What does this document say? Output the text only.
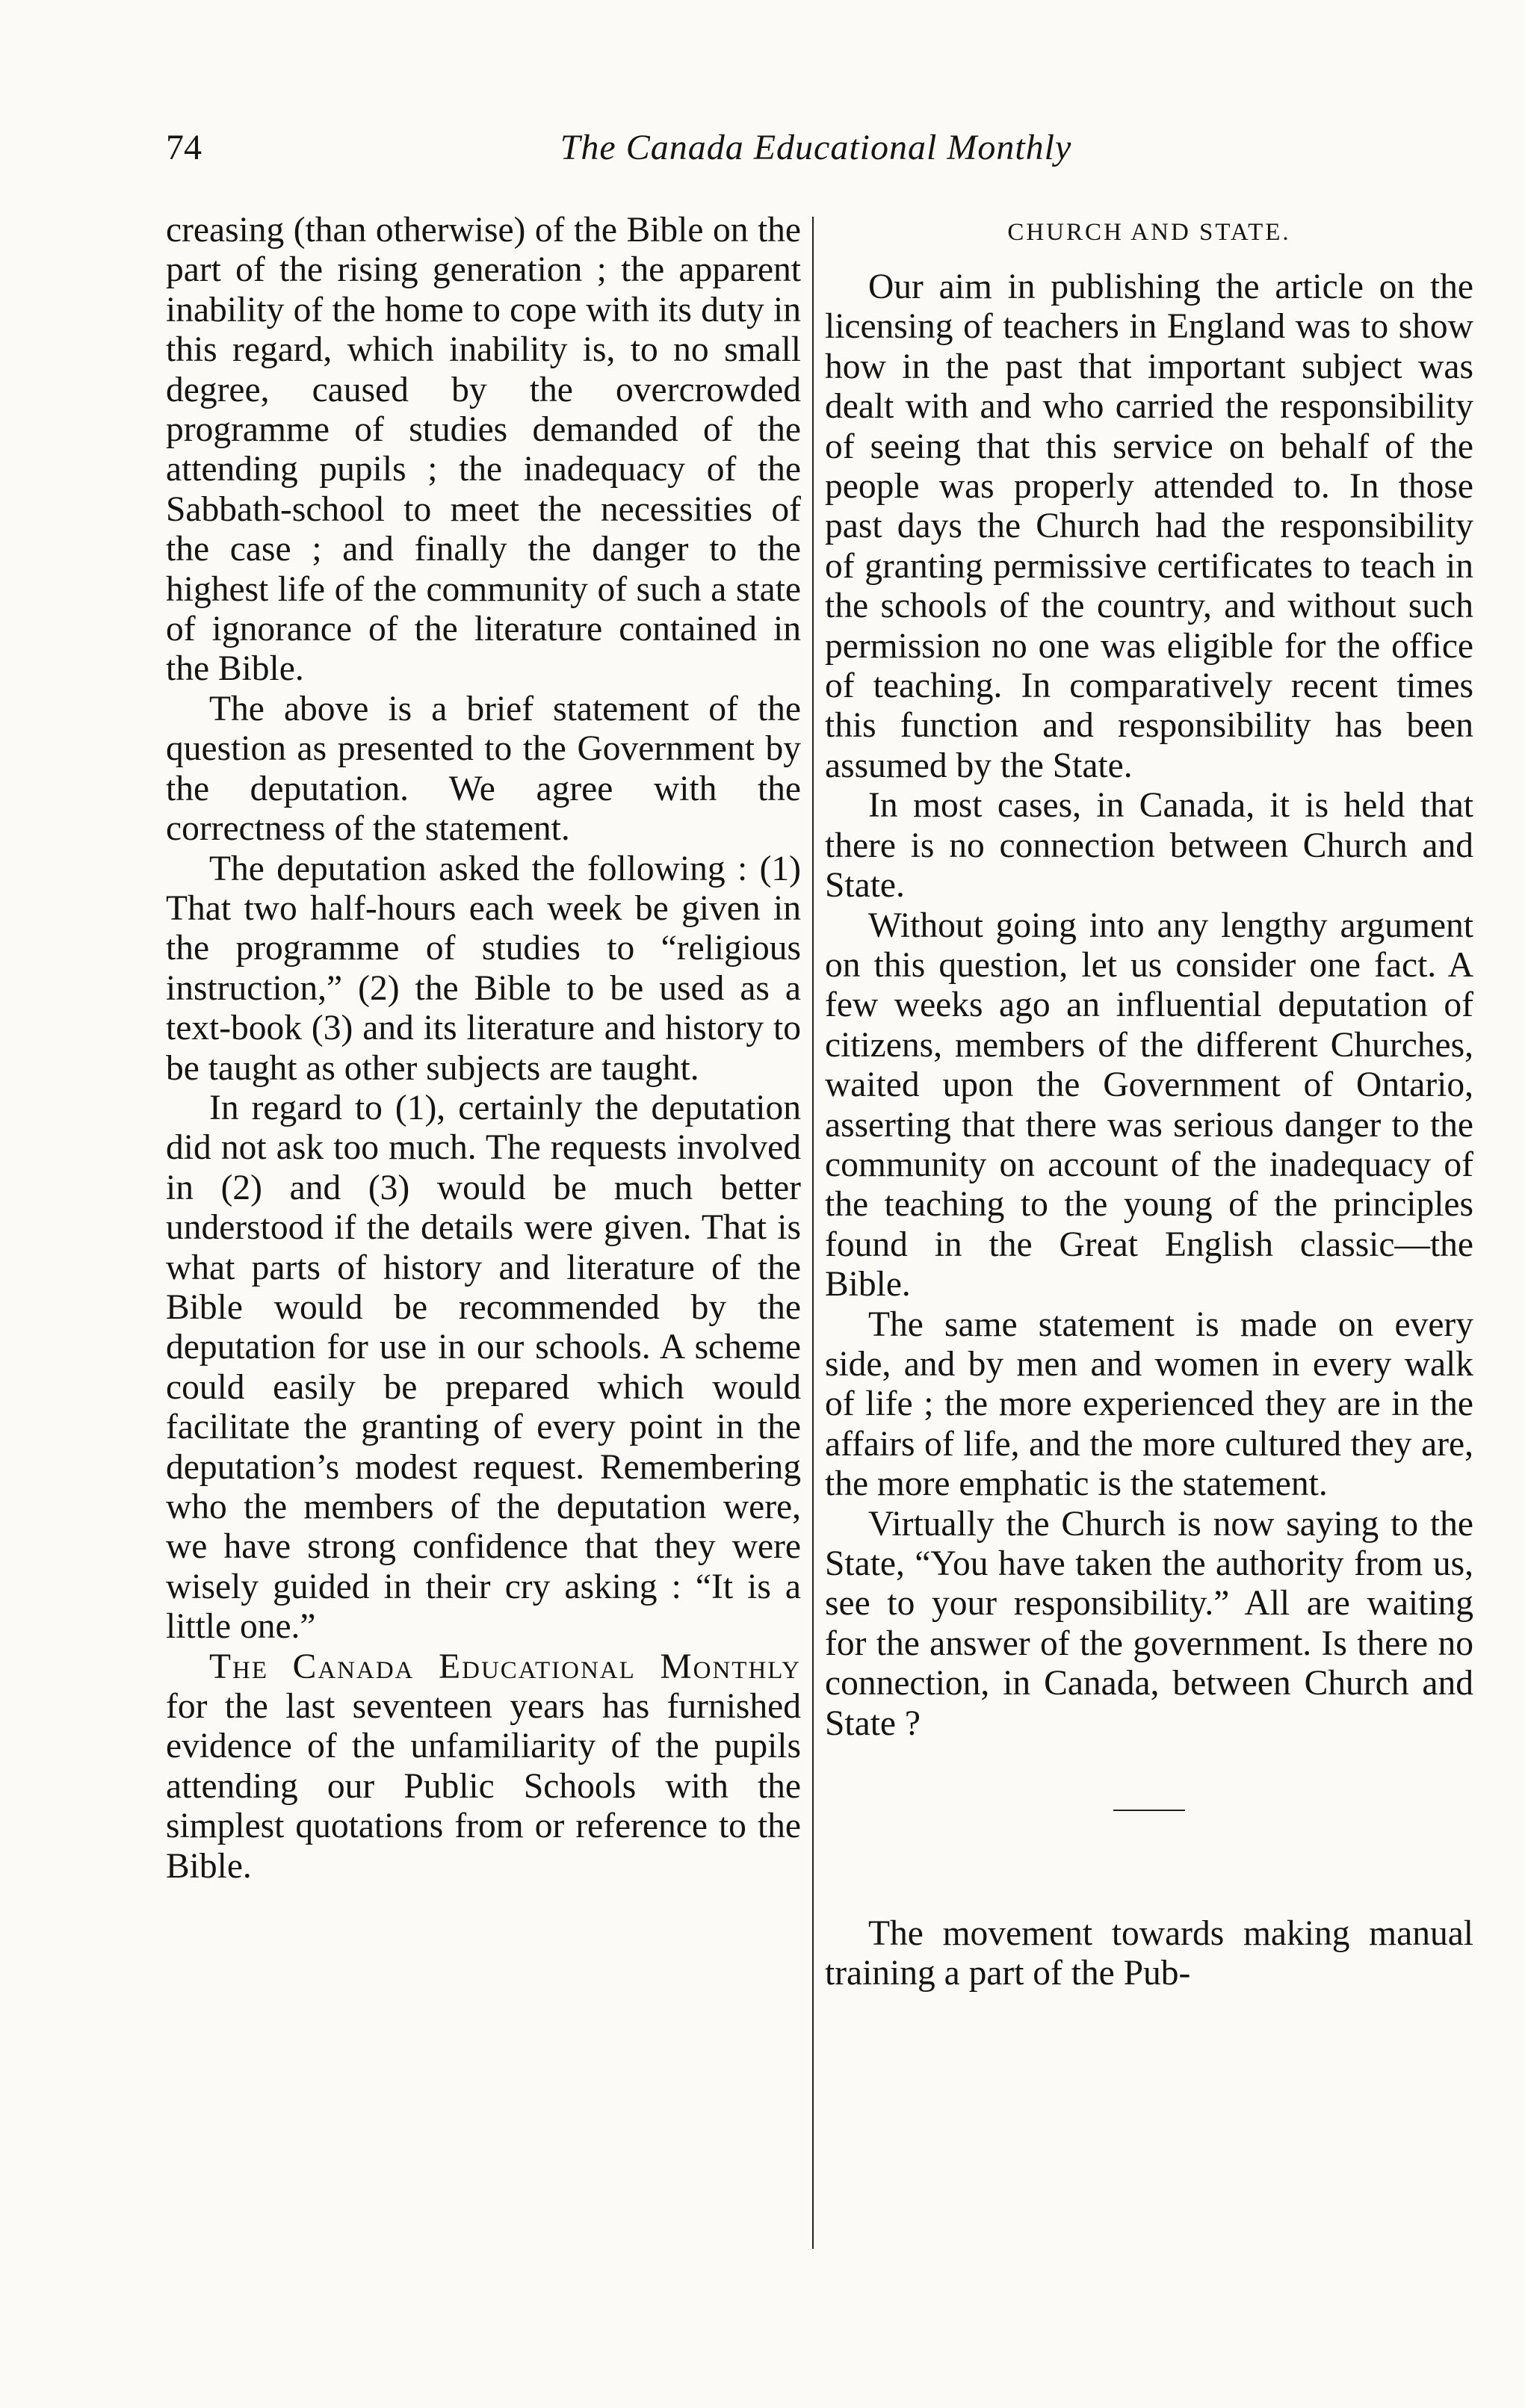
74	The Canada Educational Monthly

creasing (than otherwise) of the Bible on the part of the rising generation ; the apparent inability of the home to cope with its duty in this regard, which inability is, to no small degree, caused by the overcrowded programme of studies demanded of the attending pupils ; the inadequacy of the Sabbath-school to meet the necessities of the case ; and finally the danger to the highest life of the community of such a state of ignorance of the literature contained in the Bible.

The above is a brief statement of the question as presented to the Government by the deputation. We agree with the correctness of the statement.

The deputation asked the following : (1) That two half-hours each week be given in the programme of studies to “religious instruction,” (2) the Bible to be used as a text-book (3) and its literature and history to be taught as other subjects are taught.

In regard to (1), certainly the deputation did not ask too much. The requests involved in (2) and (3) would be much better understood if the details were given. That is what parts of history and literature of the Bible would be recommended by the deputation for use in our schools. A scheme could easily be prepared which would facilitate the granting of every point in the deputation’s modest request. Remembering who the members of the deputation were, we have strong confidence that they were wisely guided in their cry asking : “It is a little one.”

The Canada Educational Monthly for the last seventeen years has furnished evidence of the unfamiliarity of the pupils attending our Public Schools with the simplest quotations from or reference to the Bible.

CHURCH AND STATE.

Our aim in publishing the article on the licensing of teachers in England was to show how in the past that important subject was dealt with and who carried the responsibility of seeing that this service on behalf of the people was properly attended to. In those past days the Church had the responsibility of granting permissive certificates to teach in the schools of the country, and without such permission no one was eligible for the office of teaching. In comparatively recent times this function and responsibility has been assumed by the State.

In most cases, in Canada, it is held that there is no connection between Church and State.

Without going into any lengthy argument on this question, let us consider one fact. A few weeks ago an influential deputation of citizens, members of the different Churches, waited upon the Government of Ontario, asserting that there was serious danger to the community on account of the inadequacy of the teaching to the young of the principles found in the Great English classic—the Bible.

The same statement is made on every side, and by men and women in every walk of life ; the more experienced they are in the affairs of life, and the more cultured they are, the more emphatic is the statement.

Virtually the Church is now saying to the State, “You have taken the authority from us, see to your responsibility.” All are waiting for the answer of the government. Is there no connection, in Canada, between Church and State ?

The movement towards making manual training a part of the Pub-
